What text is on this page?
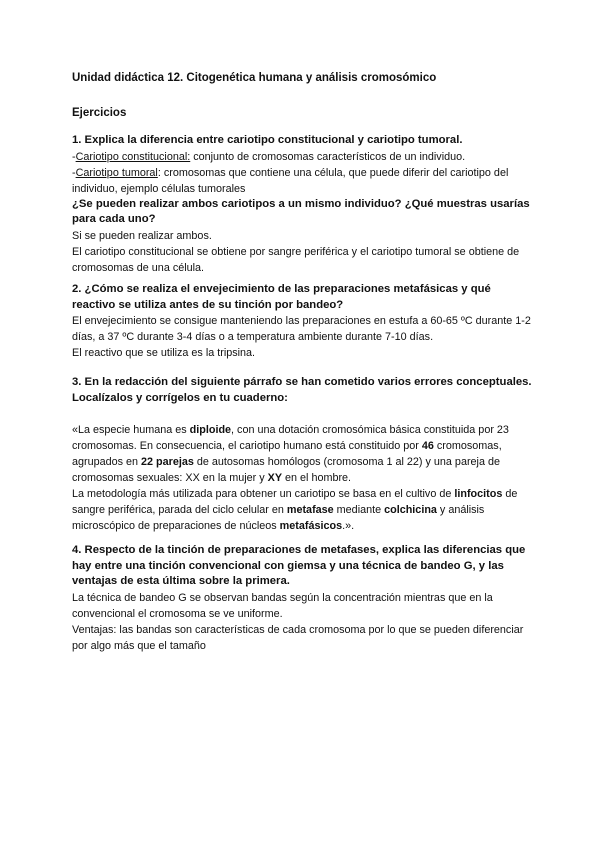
Unidad didáctica 12. Citogenética humana y análisis cromosómico
Ejercicios

1. Explica la diferencia entre cariotipo constitucional y cariotipo tumoral.

-Cariotipo constitucional: conjunto de cromosomas característicos de un individuo.

-Cariotipo tumoral: cromosomas que contiene una célula, que puede diferir del cariotipo del individuo, ejemplo células tumorales

¿Se pueden realizar ambos cariotipos a un mismo individuo? ¿Qué muestras usarías para cada uno?

Si se pueden realizar ambos.

El cariotipo constitucional se obtiene por sangre periférica y el cariotipo tumoral se obtiene de cromosomas de una célula.

2. ¿Cómo se realiza el envejecimiento de las preparaciones metafásicas y qué reactivo se utiliza antes de su tinción por bandeo?

El envejecimiento se consigue manteniendo las preparaciones en estufa a 60-65 ºC durante 1-2 días, a 37 ºC durante 3-4 días o a temperatura ambiente durante 7-10 días.

El reactivo que se utiliza es la tripsina.

3. En la redacción del siguiente párrafo se han cometido varios errores conceptuales. Localízalos y corrígelos en tu cuaderno:

«La especie humana es diploide, con una dotación cromosómica básica constituida por 23 cromosomas. En consecuencia, el cariotipo humano está constituido por 46 cromosomas, agrupados en 22 parejas de autosomas homólogos (cromosoma 1 al 22) y una pareja de cromosomas sexuales: XX en la mujer y XY en el hombre.

La metodología más utilizada para obtener un cariotipo se basa en el cultivo de linfocitos de sangre periférica, parada del ciclo celular en metafase mediante colchicina y análisis microscópico de preparaciones de núcleos metafásicos.».

4. Respecto de la tinción de preparaciones de metafases, explica las diferencias que hay entre una tinción convencional con giemsa y una técnica de bandeo G, y las ventajas de esta última sobre la primera.

La técnica de bandeo G se observan bandas según la concentración mientras que en la convencional el cromosoma se ve uniforme.

Ventajas: las bandas son características de cada cromosoma por lo que se pueden diferenciar por algo más que el tamaño
